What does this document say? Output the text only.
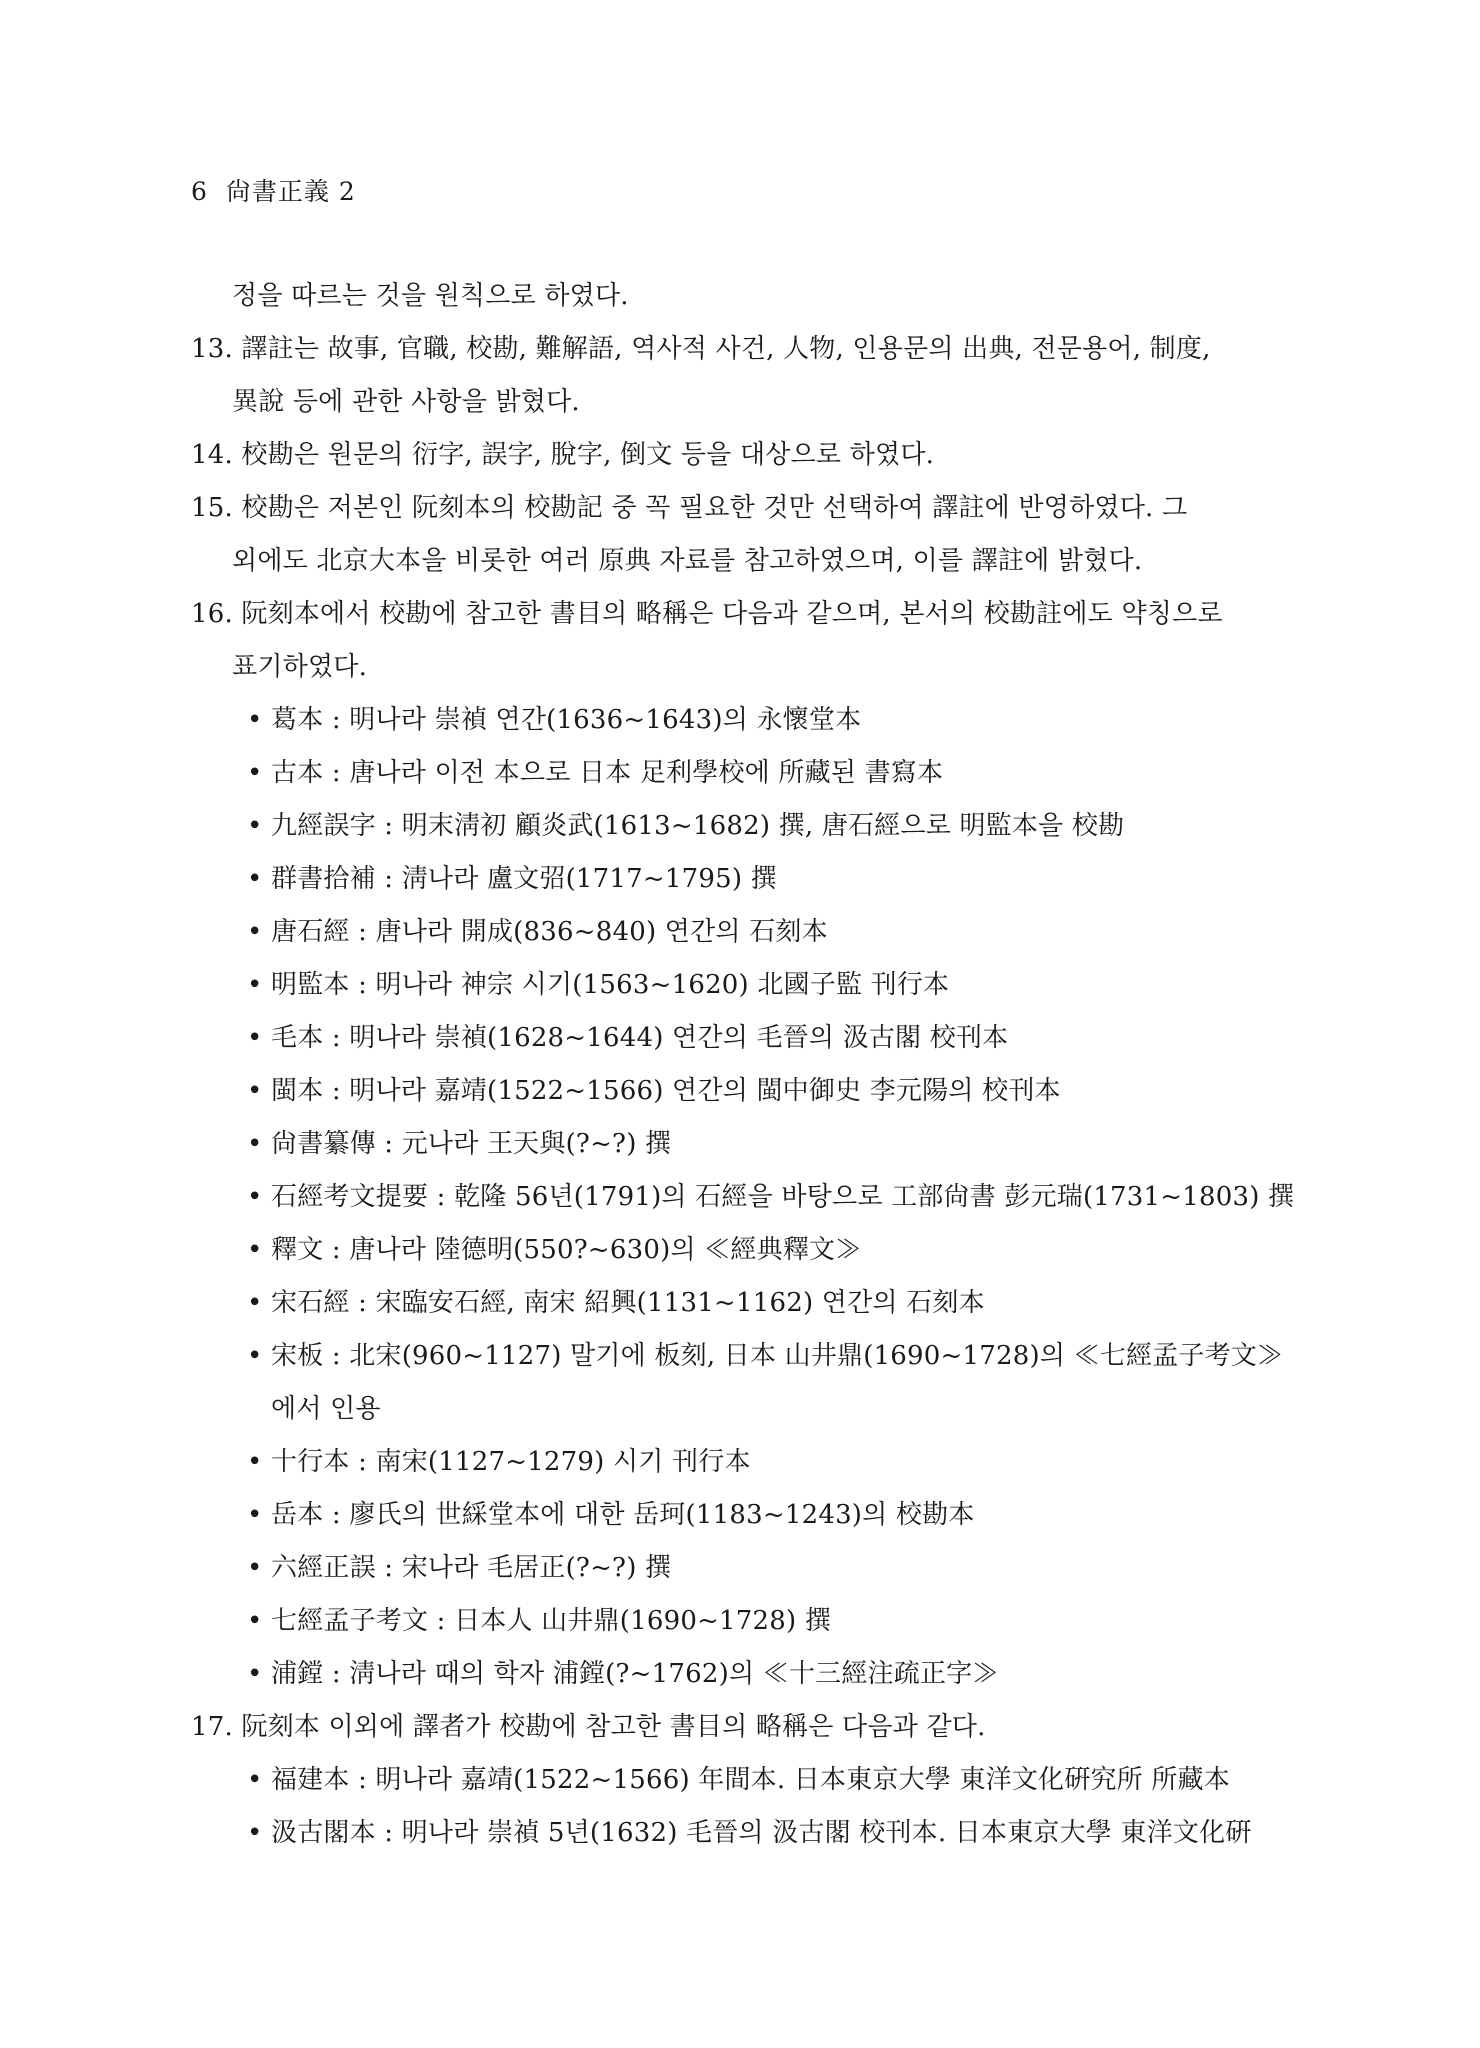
6 尙書正義 2
정을 따르는 것을 원칙으로 하였다.
13. 譯註는 故事, 官職, 校勘, 難解語, 역사적 사건, 人物, 인용문의 出典, 전문용어, 制度,
異說 등에 관한 사항을 밝혔다.
14. 校勘은 원문의 衍字, 誤字, 脫字, 倒文 등을 대상으로 하였다.
15. 校勘은 저본인 阮刻本의 校勘記 중 꼭 필요한 것만 선택하여 譯註에 반영하였다. 그
외에도 北京大本을 비롯한 여러 原典 자료를 참고하였으며, 이를 譯註에 밝혔다.
16. 阮刻本에서 校勘에 참고한 書目의 略稱은 다음과 같으며, 본서의 校勘註에도 약칭으로
표기하였다.
• 葛本 : 明나라 崇禎 연간(1636~1643)의 永懷堂本
• 古本 : 唐나라 이전 本으로 日本 足利學校에 所藏된 書寫本
• 九經誤字 : 明末淸初 顧炎武(1613~1682) 撰, 唐石經으로 明監本을 校勘
• 群書拾補 : 淸나라 盧文弨(1717~1795) 撰
• 唐石經 : 唐나라 開成(836~840) 연간의 石刻本
• 明監本 : 明나라 神宗 시기(1563~1620) 北國子監 刊行本
• 毛本 : 明나라 崇禎(1628~1644) 연간의 毛晉의 汲古閣 校刊本
• 閩本 : 明나라 嘉靖(1522~1566) 연간의 閩中御史 李元陽의 校刊本
• 尙書纂傳 : 元나라 王天與(?~?) 撰
• 石經考文提要 : 乾隆 56년(1791)의 石經을 바탕으로 工部尙書 彭元瑞(1731~1803) 撰
• 釋文 : 唐나라 陸德明(550?~630)의 ≪經典釋文≫
• 宋石經 : 宋臨安石經, 南宋 紹興(1131~1162) 연간의 石刻本
• 宋板 : 北宋(960~1127) 말기에 板刻, 日本 山井鼎(1690~1728)의 ≪七經孟子考文≫
에서 인용
• 十行本 : 南宋(1127~1279) 시기 刊行本
• 岳本 : 廖氏의 世綵堂本에 대한 岳珂(1183~1243)의 校勘本
• 六經正誤 : 宋나라 毛居正(?~?) 撰
• 七經孟子考文 : 日本人 山井鼎(1690~1728) 撰
• 浦鏜 : 淸나라 때의 학자 浦鏜(?~1762)의 ≪十三經注疏正字≫
17. 阮刻本 이외에 譯者가 校勘에 참고한 書目의 略稱은 다음과 같다.
• 福建本 : 明나라 嘉靖(1522~1566) 年間本. 日本東京大學 東洋文化硏究所 所藏本
• 汲古閣本 : 明나라 崇禎 5년(1632) 毛晉의 汲古閣 校刊本. 日本東京大學 東洋文化硏
